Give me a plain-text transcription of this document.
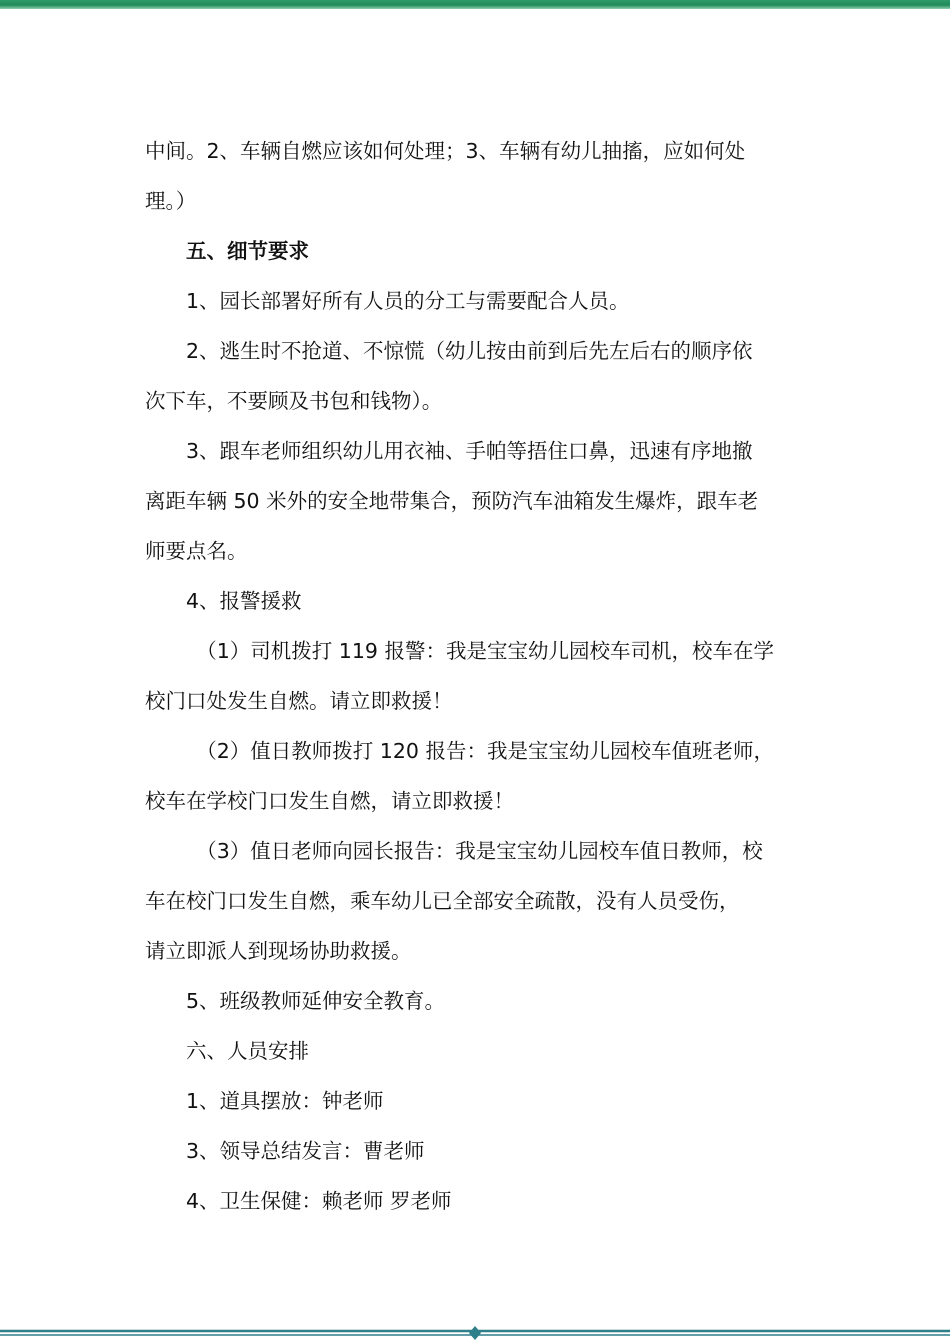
中间。2、车辆自燃应该如何处理；3、车辆有幼儿抽搐，应如何处
理。）
五、细节要求
1、园长部署好所有人员的分工与需要配合人员。
2、逃生时不抢道、不惊慌（幼儿按由前到后先左后右的顺序依
次下车，不要顾及书包和钱物）。
3、跟车老师组织幼儿用衣袖、手帕等捂住口鼻，迅速有序地撤
离距车辆 50 米外的安全地带集合，预防汽车油箱发生爆炸，跟车老
师要点名。
4、报警援救
（1）司机拨打 119 报警：我是宝宝幼儿园校车司机，校车在学
校门口处发生自燃。请立即救援！
（2）值日教师拨打 120 报告：我是宝宝幼儿园校车值班老师，
校车在学校门口发生自燃，请立即救援！
（3）值日老师向园长报告：我是宝宝幼儿园校车值日教师，校
车在校门口发生自燃，乘车幼儿已全部安全疏散，没有人员受伤，
请立即派人到现场协助救援。
5、班级教师延伸安全教育。
六、人员安排
1、道具摆放：钟老师
3、领导总结发言：曹老师
4、卫生保健：赖老师 罗老师
